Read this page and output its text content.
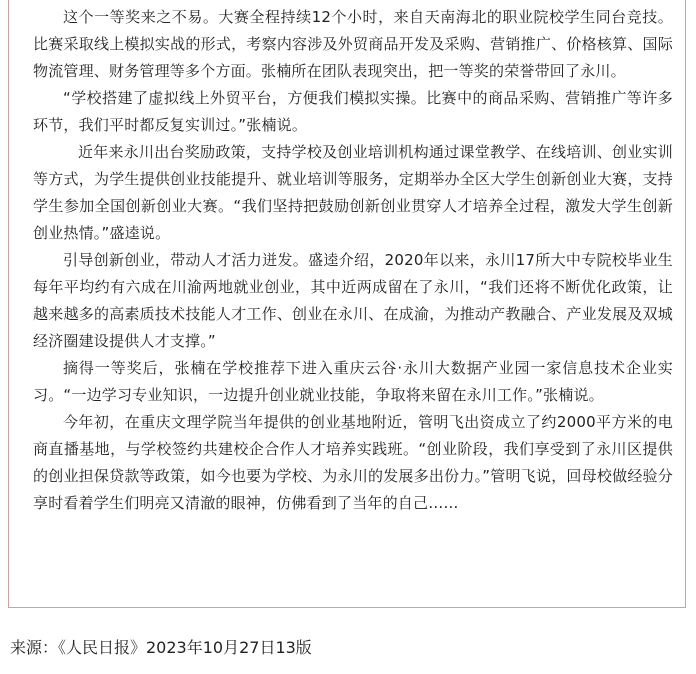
这个一等奖来之不易。大赛全程持续12个小时，来自天南海北的职业院校学生同台竞技。比赛采取线上模拟实战的形式，考察内容涉及外贸商品开发及采购、营销推广、价格核算、国际物流管理、财务管理等多个方面。张楠所在团队表现突出，把一等奖的荣誉带回了永川。

“学校搭建了虚拟线上外贸平台，方便我们模拟实操。比赛中的商品采购、营销推广等许多环节，我们平时都反复实训过。”张楠说。

近年来永川出台奖励政策，支持学校及创业培训机构通过课堂教学、在线培训、创业实训等方式，为学生提供创业技能提升、就业培训等服务，定期举办全区大学生创新创业大赛，支持学生参加全国创新创业大赛。“我们坚持把鼓励创新创业贯穿人才培养全过程，激发大学生创新创业热情。”盛逵说。

引导创新创业，带动人才活力迸发。盛逵介绍，2020年以来，永川17所大中专院校毕业生每年平均约有六成在川渝两地就业创业，其中近两成留在了永川，“我们还将不断优化政策，让越来越多的高素质技术技能人才工作、创业在永川、在成渝，为推动产教融合、产业发展及双城经济圈建设提供人才支撑。”

摘得一等奖后，张楠在学校推荐下进入重庆云谷·永川大数据产业园一家信息技术企业实习。“一边学习专业知识，一边提升创业就业技能，争取将来留在永川工作。”张楠说。

今年初，在重庆文理学院当年提供的创业基地附近，管明飞出资成立了约2000平方米的电商直播基地，与学校签约共建校企合作人才培养实践班。“创业阶段，我们享受到了永川区提供的创业担保贷款等政策，如今也要为学校、为永川的发展多出份力。”管明飞说，回母校做经验分享时看着学生们明亮又清澈的眼神，仿佛看到了当年的自己……

来源：《人民日报》2023年10月27日13版
